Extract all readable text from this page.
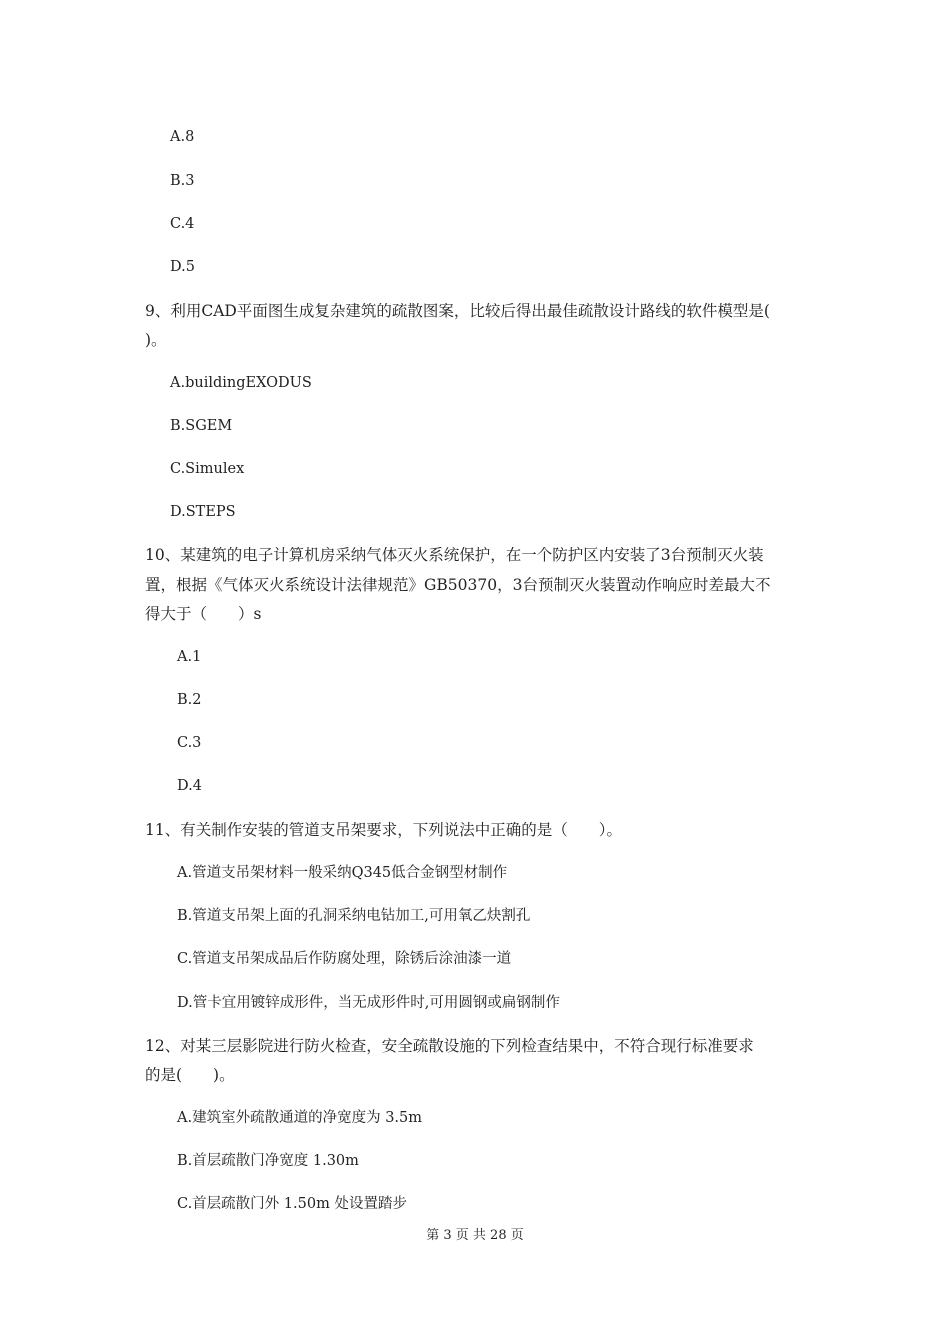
A.8
B.3
C.4
D.5
9、利用CAD平面图生成复杂建筑的疏散图案，比较后得出最佳疏散设计路线的软件模型是(
)。
A.buildingEXODUS
B.SGEM
C.Simulex
D.STEPS
10、某建筑的电子计算机房采纳气体灭火系统保护，在一个防护区内安装了3台预制灭火装
置，根据《气体灭火系统设计法律规范》GB50370，3台预制灭火装置动作响应时差最大不
得大于（　　）s
A.1
B.2
C.3
D.4
11、有关制作安装的管道支吊架要求，下列说法中正确的是（　　）。
A.管道支吊架材料一般采纳Q345低合金钢型材制作
B.管道支吊架上面的孔洞采纳电钻加工,可用氧乙炔割孔
C.管道支吊架成品后作防腐处理，除锈后涂油漆一道
D.管卡宜用镀锌成形件，当无成形件时,可用圆钢或扁钢制作
12、对某三层影院进行防火检查，安全疏散设施的下列检查结果中，不符合现行标准要求
的是(　　)。
A.建筑室外疏散通道的净宽度为 3.5m
B.首层疏散门净宽度 1.30m
C.首层疏散门外 1.50m 处设置踏步
第 3 页 共 28 页
